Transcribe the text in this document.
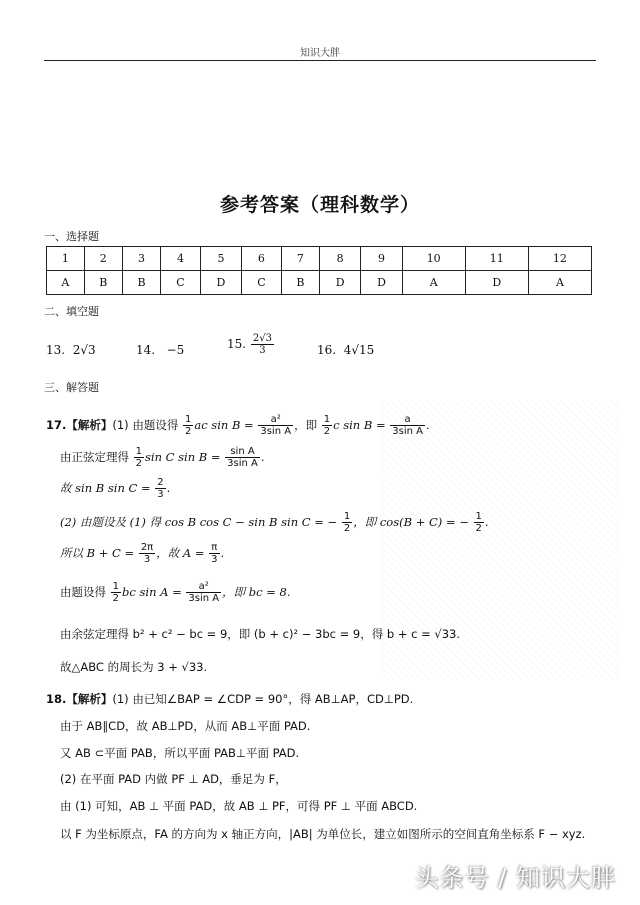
知识大胖
参考答案（理科数学）
一、选择题
1	2	3	4	5	6	7	8	9	10	11	12
A	B	B	C	D	C	B	D	D	A	D	A
二、填空题
13. 2√3	14. −5	15. $\frac{2√3}{3}$	16. 4√15
三、解答题
17.【解析】(1) 由题设得 $\frac{1}{2}$ ac $\sin B = \frac{\text{a²}}{\text{3sin A}}$ ，即 $\frac{1}{2}$ c $\sin B = \frac{a}{\text{3sin A}}$ .
由正弦定理得 $\frac{1}{2}$ sin C $\sin B = \frac{\text{sin A}}{\text{3sin A}}$ .
故 sin B $\sin C = \frac{2}{3}$ .
(2) 由题设及 (1) 得 cos B cos C − sin B sin C = − $\frac{1}{2}$ ，即 cos(B + C) = − $\frac{1}{2}$ .
所以 $B + C = \frac{2\pi}{3}$ ，故 $A = \frac{\pi}{3}$ .
由题设得 $\frac{1}{2}$ bc $\sin A = \frac{\text{a²}}{\text{3sin A}}$ ，即 bc = 8.
由余弦定理得 b² + c² − bc = 9，即 (b + c)² − 3bc = 9，得 b + c = √33.
故△ABC 的周长为 3 + √33.
18.【解析】(1) 由已知∠BAP = ∠CDP = 90°，得 AB⊥AP，CD⊥PD.
由于 AB∥CD，故 AB⊥PD，从而 AB⊥平面 PAD.
又 AB ⊂平面 PAB，所以平面 PAB⊥平面 PAD.
(2) 在平面 PAD 内做 PF ⊥ AD，垂足为 F，
由 (1) 可知，AB ⊥ 平面 PAD，故 AB ⊥ PF，可得 PF ⊥ 平面 ABCD.
以 F 为坐标原点，FA 的方向为 x 轴正方向，|AB| 为单位长，建立如图所示的空间直角坐标系 F − xyz.
头条号 / 知识大胖
